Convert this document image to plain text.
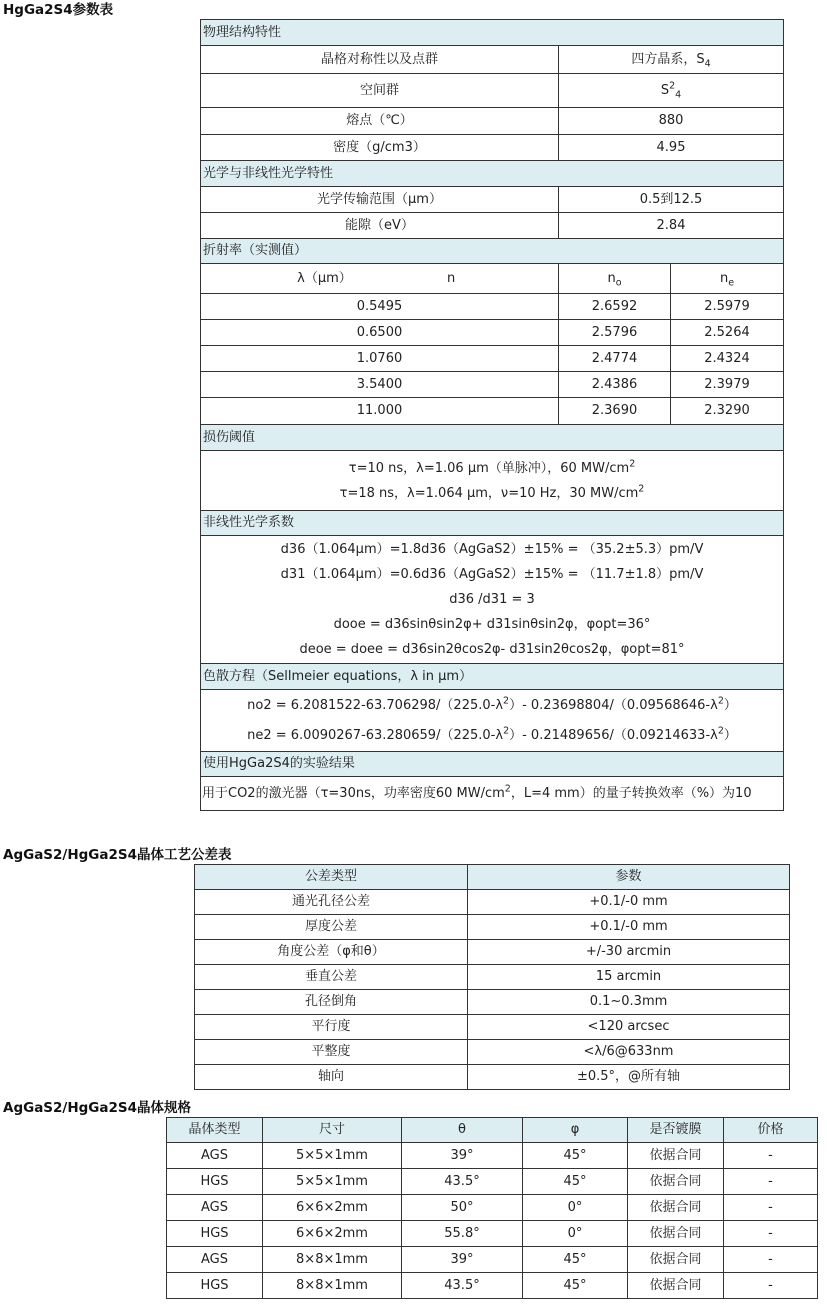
HgGa2S4参数表
物理结构特性		
晶格对称性以及点群	四方晶系，$S_4$
空间群	$S^2_4$
熔点（℃）	880	
密度（g/cm3）	4.95	
光学与非线性光学特性		
光学传输范围（μm）	0.5到12.5	
能隙（eV）	2.84	
折射率（实测值）		
λ（μm） n	$n_o$	$n_e$
0.5495	2.6592	2.5979
0.6500	2.5796	2.5264
1.0760	2.4774	2.4324
3.5400	2.4386	2.3979
11.000	2.3690	2.3290
损伤阈值		

τ=10 ns，λ=1.06 μm（单脉冲），60 $MW/cm^2$
τ=18 ns，λ=1.064 μm，ν=10 Hz，30 $MW/cm^2$

非线性光学系数		

d36（1.064μm）=1.8d36（AgGaS2）±15% = （35.2±5.3）pm/V
d31（1.064μm）=0.6d36（AgGaS2）±15% = （11.7±1.8）pm/V
d36 /d31 = 3
dooe = d36sinθsin2φ+ d31sinθsin2φ，φopt=36°
deoe = doee = d36sin2θcos2φ- d31sin2θcos2φ，φopt=81°		

色散方程（Sellmeier equations，λ in μm）		

$no2 = 6.2081522-63.706298/(225.0-\lambda^2)-$ $0.23698804/(0.09568646-\lambda^2)$
$ne2 = 6.0090267-63.280659/(225.0-\lambda^2)-$ $0.21489656/(0.09214633-\lambda^2)$		

使用HgGa2S4的实验结果		
用于CO2的激光器（τ=30ns，功率密度60 $MW/cm^2$，L=4 mm）的量子转换效率（%）为10		
AgGaS2/HgGa2S4晶体工艺公差表
公差类型	参数
通光孔径公差	+0.1/-0 mm
厚度公差	+0.1/-0 mm
角度公差（φ和θ）	+/-30 arcmin
垂直公差	15 arcmin
孔径倒角	0.1~0.3mm
平行度	<120 arcsec
平整度	<λ/6@633nm
轴向	±0.5°，@所有轴
AgGaS2/HgGa2S4晶体规格
晶体类型	尺寸	θ	φ	是否镀膜	价格
AGS	5×5×1mm	39°	45°	依据合同	-
HGS	5×5×1mm	43.5°	45°	依据合同	-
AGS	6×6×2mm	50°	0°	依据合同	-
HGS	6×6×2mm	55.8°	0°	依据合同	-
AGS	8×8×1mm	39°	45°	依据合同	-
HGS	8×8×1mm	43.5°	45°	依据合同	-
